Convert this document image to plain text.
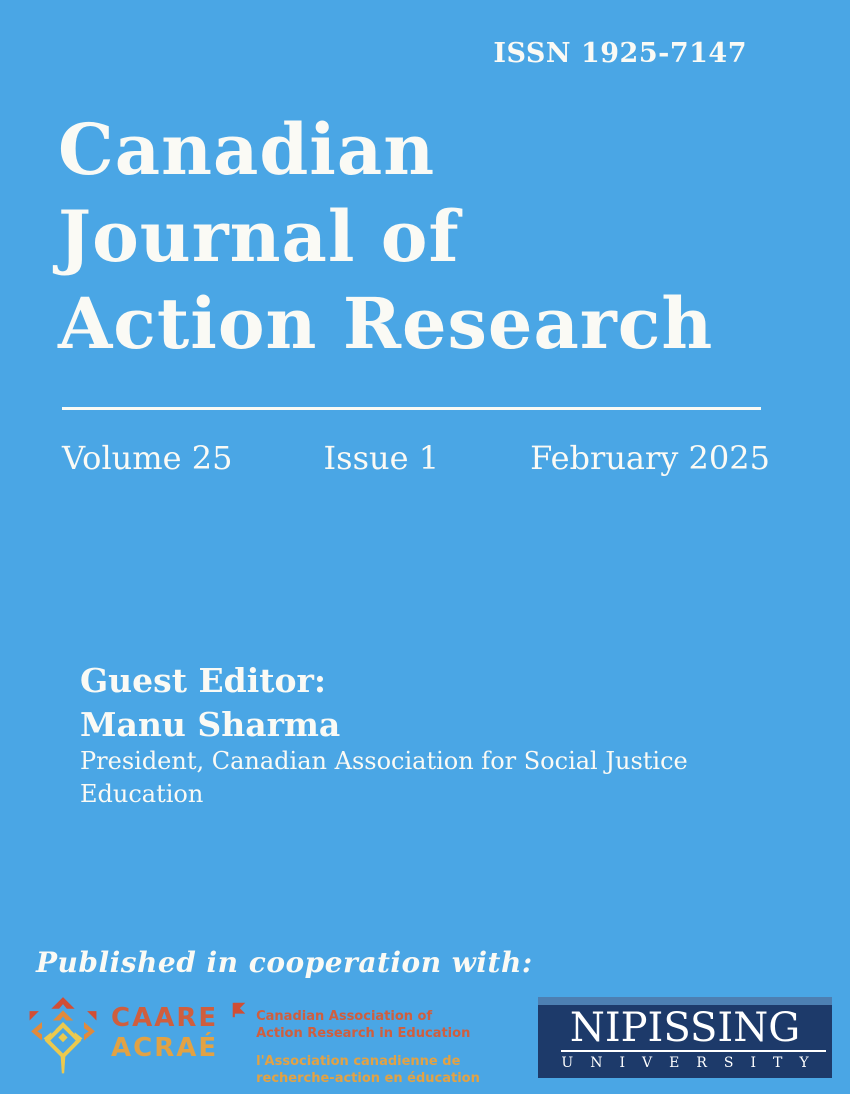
ISSN 1925-7147
Canadian
Journal of
Action Research
Volume 25	Issue 1	February 2025
Guest Editor:
Manu Sharma
President, Canadian Association for Social Justice Education
Published in cooperation with:
CAARE
ACRAÉ
Canadian Association of
Action Research in Education
l'Association canadienne de
recherche-action en éducation
NIPISSING
UNIVERSITY
